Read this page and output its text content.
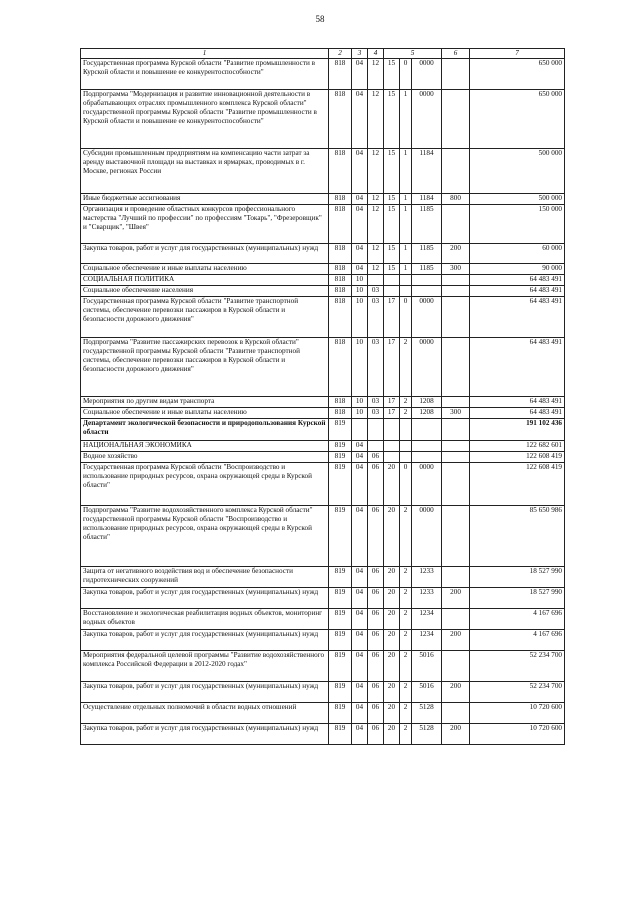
58
1	2	3	4	5			6	7
Государственная программа Курской области "Развитие промышленности в Курской области и повышение ее конкурентоспособности"	818	04	12	15	0	0000		650 000
Подпрограмма "Модернизация и развитие инновационной деятельности в обрабатывающих отраслях промышленного комплекса Курской области" государственной программы Курской области "Развитие промышленности в Курской области и повышение ее конкурентоспособности"	818	04	12	15	1	0000		650 000
Субсидии промышленным предприятиям на компенсацию части затрат за аренду выставочной площади на выставках и ярмарках, проводимых в г. Москве, регионах России	818	04	12	15	1	1184		500 000
Иные бюджетные ассигнования	818	04	12	15	1	1184	800	500 000
Организация и проведение областных конкурсов профессионального мастерства "Лучший по профессии" по профессиям "Токарь", "Фрезеровщик" и "Сварщик", "Швея"	818	04	12	15	1	1185		150 000
Закупка товаров, работ и услуг для государственных (муниципальных) нужд	818	04	12	15	1	1185	200	60 000
Социальное обеспечение и иные выплаты населению	818	04	12	15	1	1185	300	90 000
СОЦИАЛЬНАЯ ПОЛИТИКА	818	10						64 483 491
Социальное обеспечение населения	818	10	03					64 483 491
Государственная программа Курской области "Развитие транспортной системы, обеспечение перевозки пассажиров в Курской области и безопасности дорожного движения"	818	10	03	17	0	0000		64 483 491
Подпрограмма "Развитие пассажирских перевозок в Курской области" государственной программы Курской области "Развитие транспортной системы, обеспечение перевозки пассажиров в Курской области и безопасности дорожного движения"	818	10	03	17	2	0000		64 483 491
Мероприятия по другим видам транспорта	818	10	03	17	2	1208		64 483 491
Социальное обеспечение и иные выплаты населению	818	10	03	17	2	1208	300	64 483 491
Департамент экологической безопасности и природопользования Курской области	819							191 102 436
НАЦИОНАЛЬНАЯ ЭКОНОМИКА	819	04						122 682 601
Водное хозяйство	819	04	06					122 608 419
Государственная программа Курской области "Воспроизводство и использование природных ресурсов, охрана окружающей среды в Курской области"	819	04	06	20	0	0000		122 608 419
Подпрограмма "Развитие водохозяйственного комплекса Курской области" государственной программы Курской области "Воспроизводство и использование природных ресурсов, охрана окружающей среды в Курской области"	819	04	06	20	2	0000		85 650 986
Защита от негативного воздействия вод и обеспечение безопасности гидротехнических сооружений	819	04	06	20	2	1233		18 527 990
Закупка товаров, работ и услуг для государственных (муниципальных) нужд	819	04	06	20	2	1233	200	18 527 990
Восстановление и экологическая реабилитация водных объектов, мониторинг водных объектов	819	04	06	20	2	1234		4 167 696
Закупка товаров, работ и услуг для государственных (муниципальных) нужд	819	04	06	20	2	1234	200	4 167 696
Мероприятия федеральной целевой программы "Развитие водохозяйственного комплекса Российской Федерации в 2012-2020 годах"	819	04	06	20	2	5016		52 234 700
Закупка товаров, работ и услуг для государственных (муниципальных) нужд	819	04	06	20	2	5016	200	52 234 700
Осуществление отдельных полномочий в области водных отношений	819	04	06	20	2	5128		10 720 600
Закупка товаров, работ и услуг для государственных (муниципальных) нужд	819	04	06	20	2	5128	200	10 720 600
